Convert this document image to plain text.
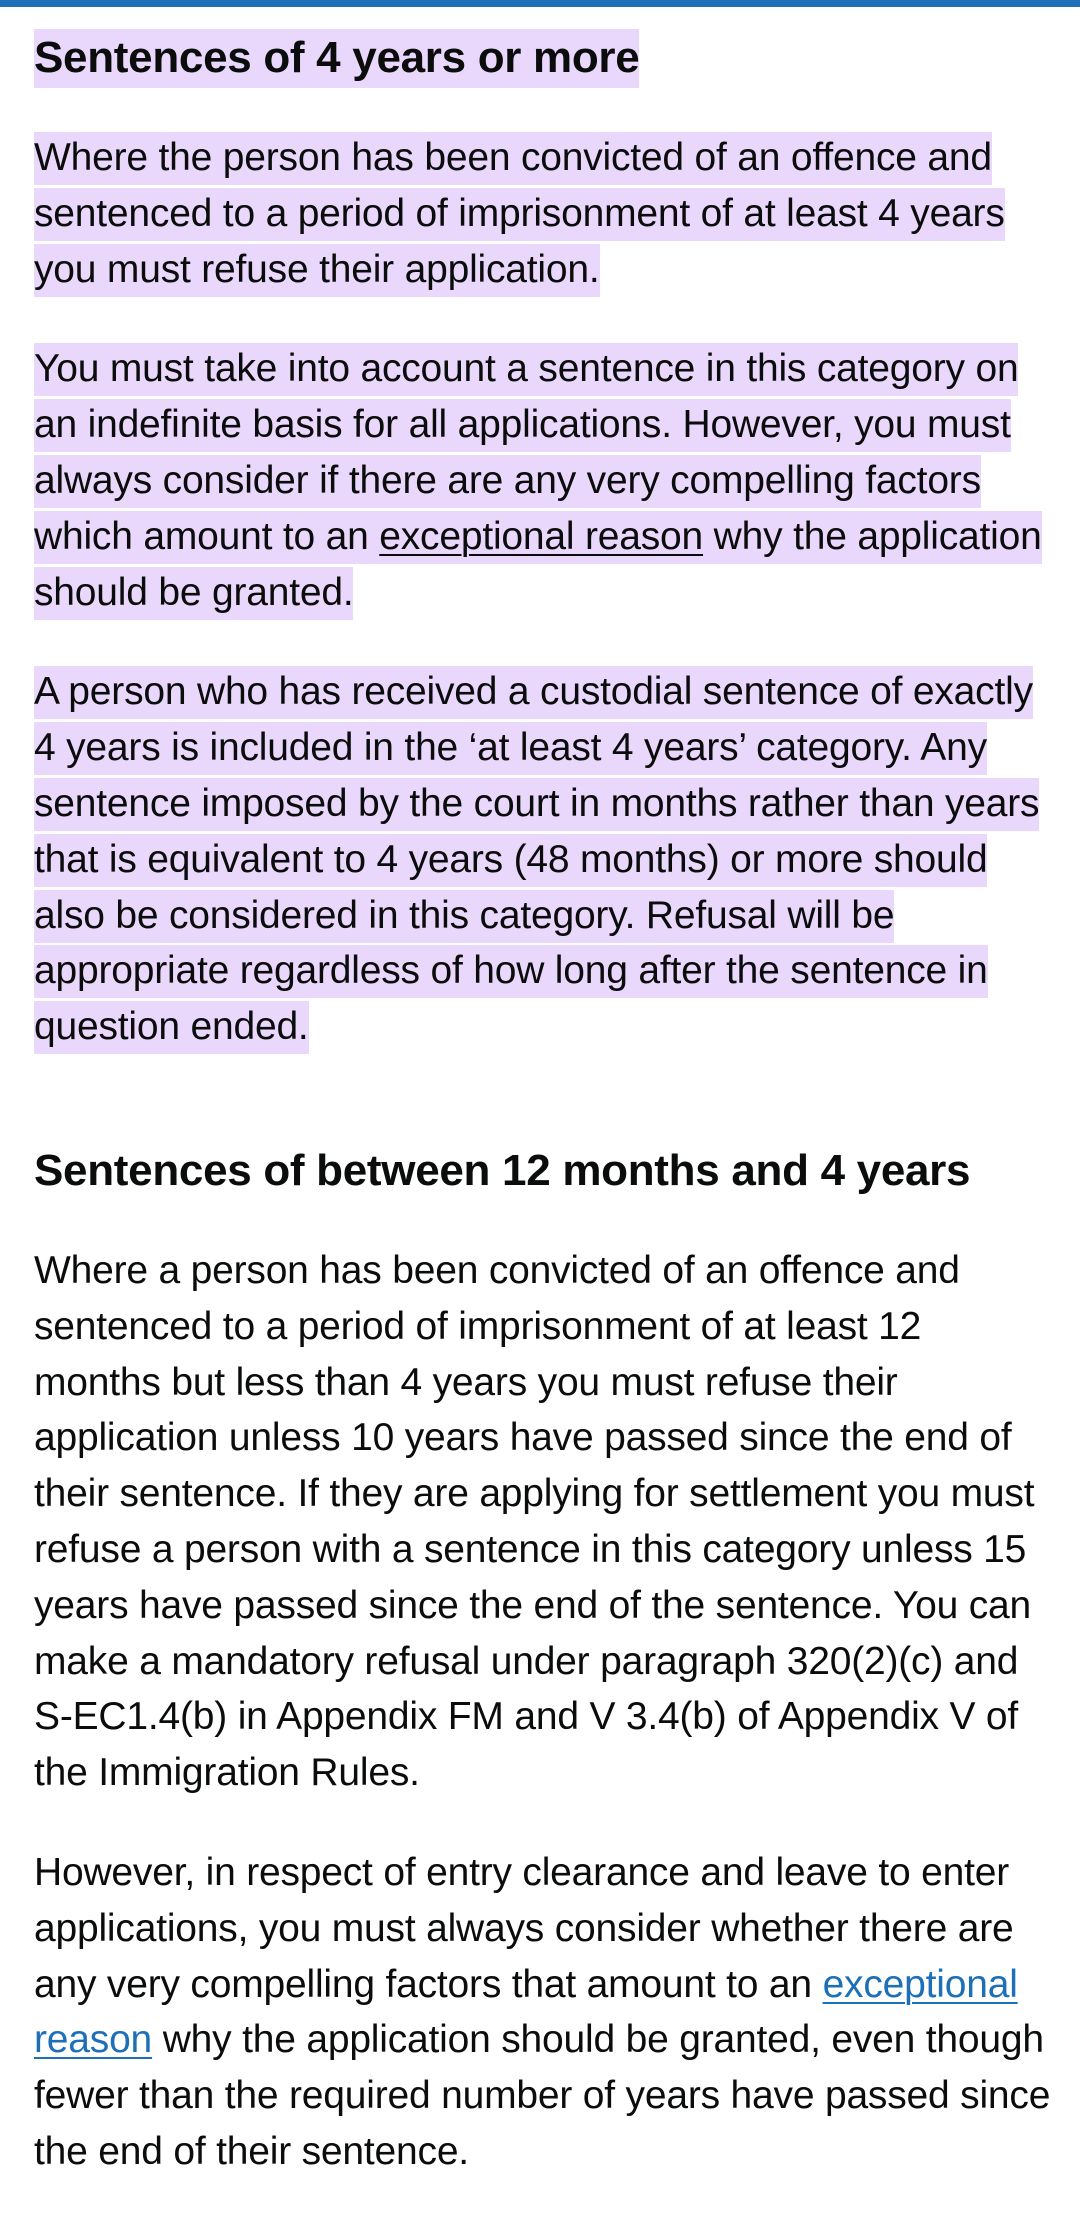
Sentences of 4 years or more

Where the person has been convicted of an offence and sentenced to a period of imprisonment of at least 4 years you must refuse their application.

You must take into account a sentence in this category on an indefinite basis for all applications. However, you must always consider if there are any very compelling factors which amount to an exceptional reason why the application should be granted.

A person who has received a custodial sentence of exactly 4 years is included in the ‘at least 4 years’ category. Any sentence imposed by the court in months rather than years that is equivalent to 4 years (48 months) or more should also be considered in this category. Refusal will be appropriate regardless of how long after the sentence in question ended.

Sentences of between 12 months and 4 years

Where a person has been convicted of an offence and sentenced to a period of imprisonment of at least 12 months but less than 4 years you must refuse their application unless 10 years have passed since the end of their sentence. If they are applying for settlement you must refuse a person with a sentence in this category unless 15 years have passed since the end of the sentence. You can make a mandatory refusal under paragraph 320(2)(c) and S-EC1.4(b) in Appendix FM and V 3.4(b) of Appendix V of the Immigration Rules.

However, in respect of entry clearance and leave to enter applications, you must always consider whether there are any very compelling factors that amount to an exceptional reason why the application should be granted, even though fewer than the required number of years have passed since the end of their sentence.
